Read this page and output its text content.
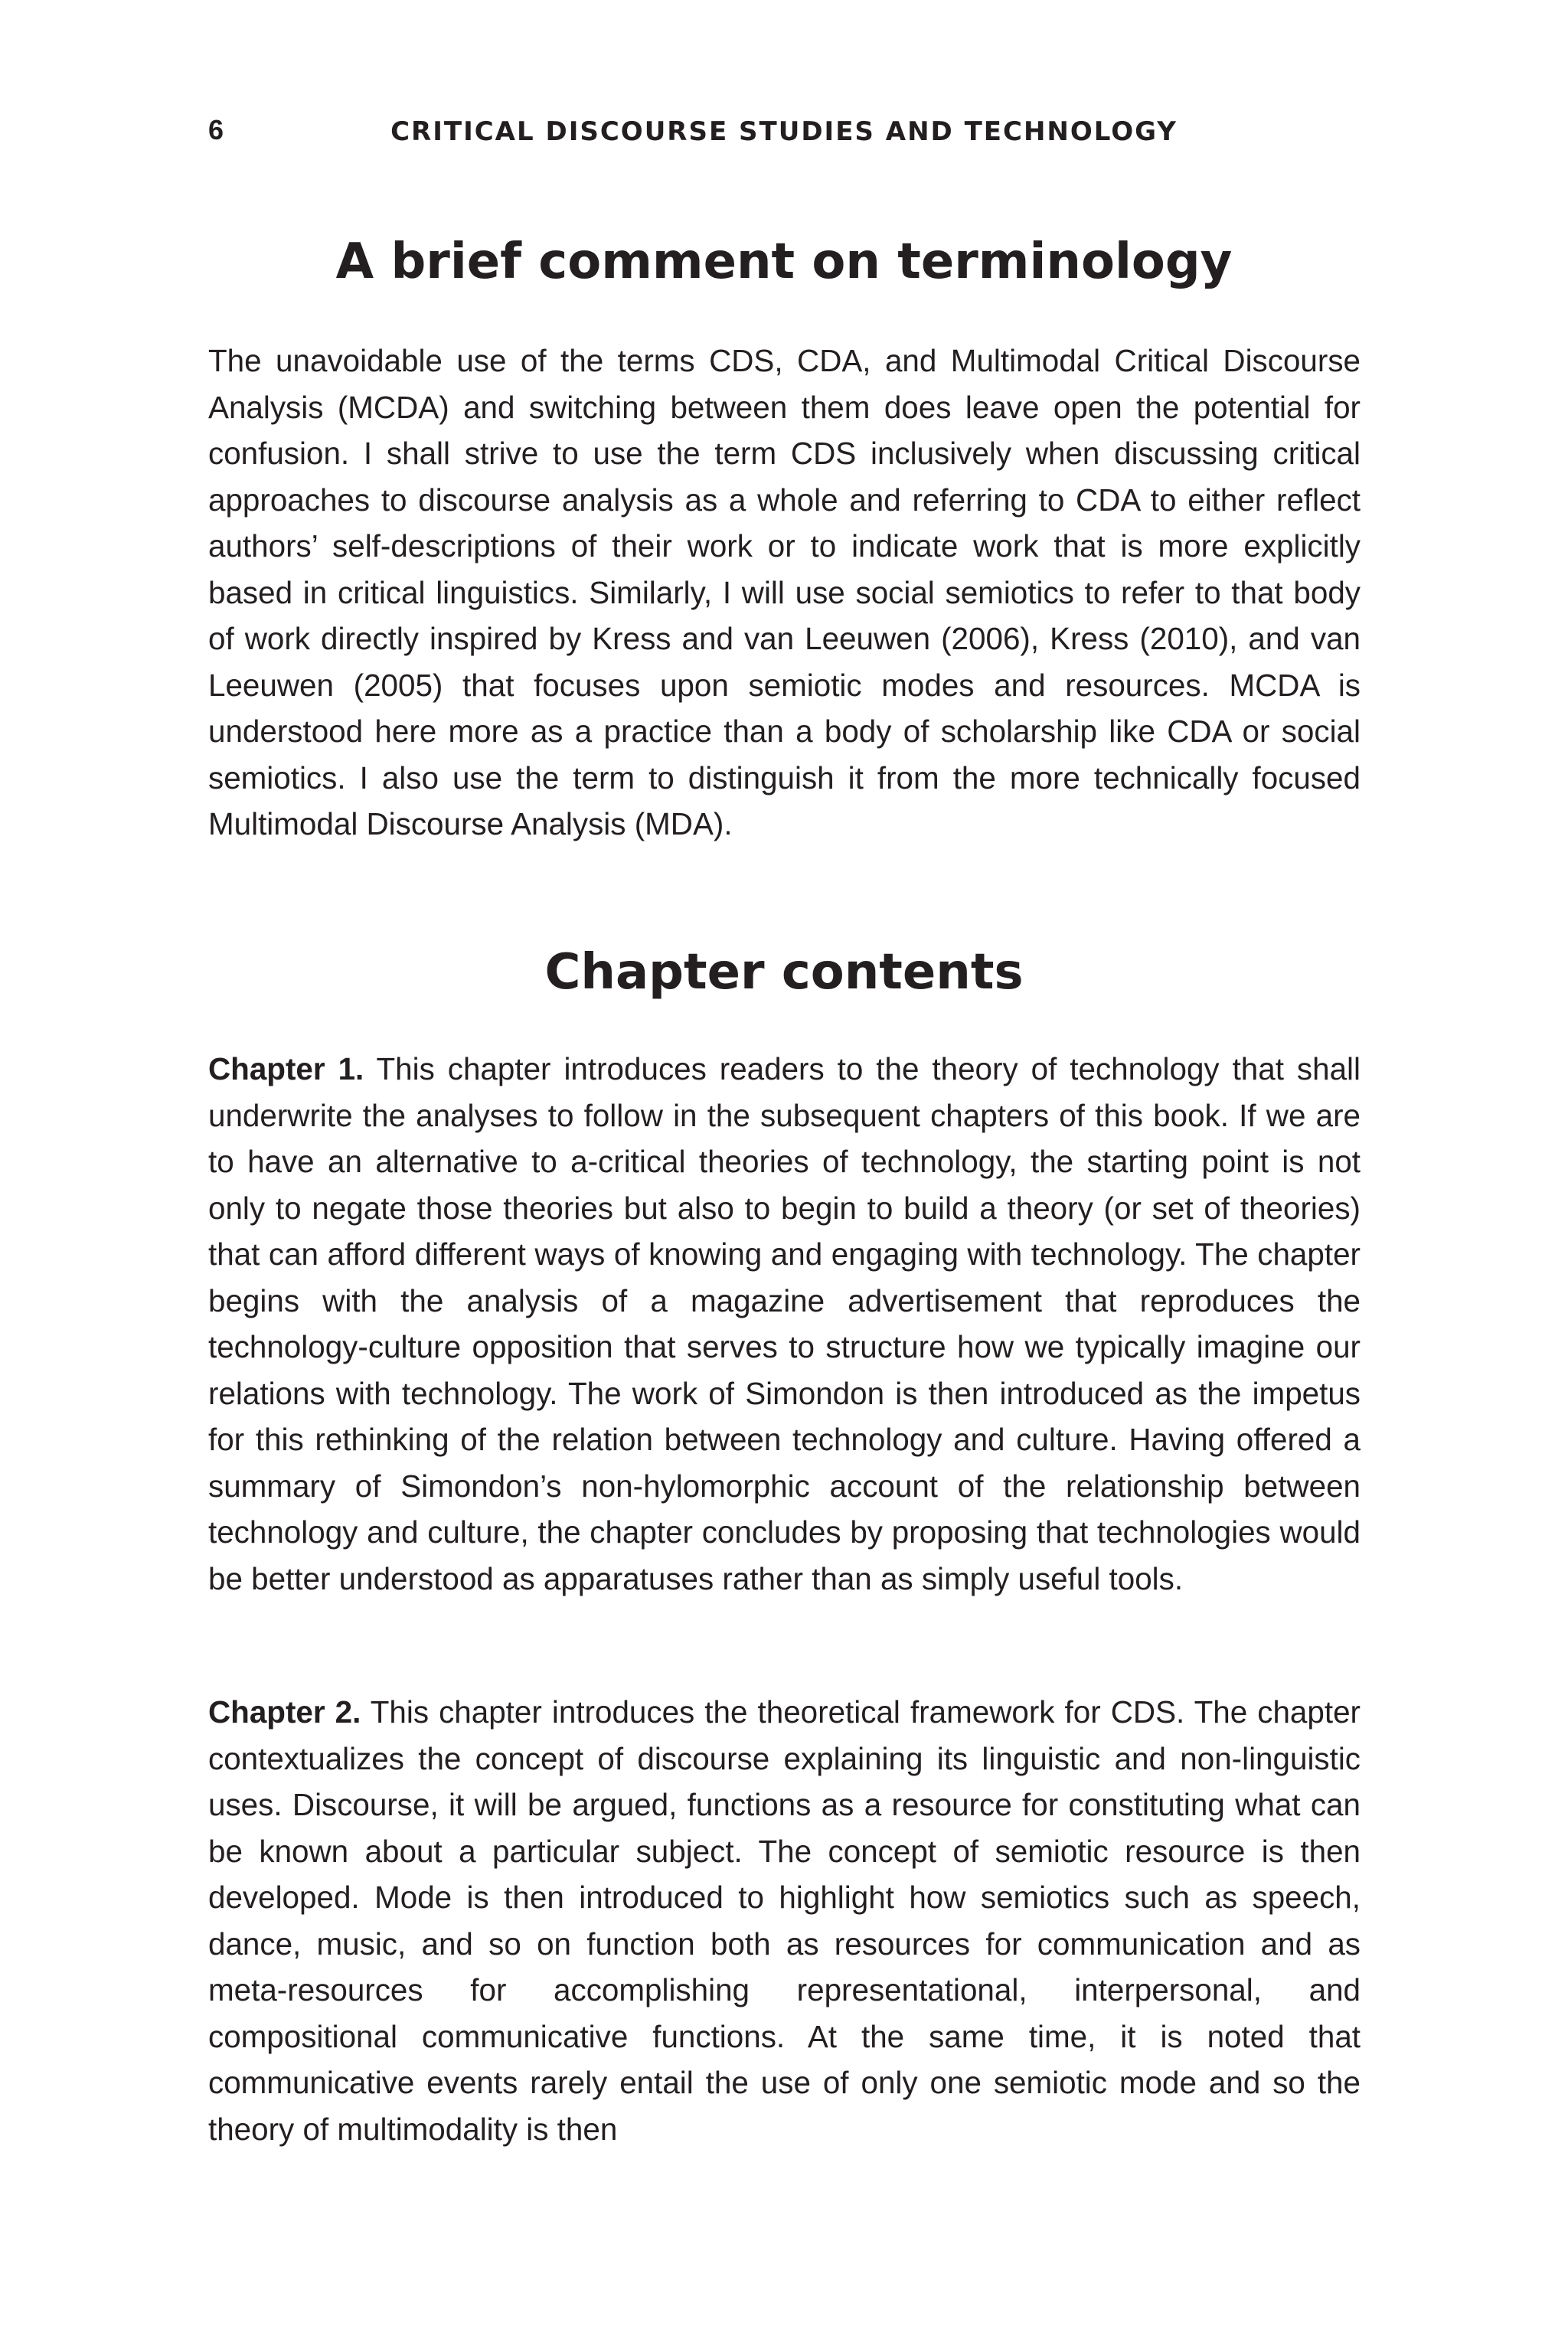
6	CRITICAL DISCOURSE STUDIES AND TECHNOLOGY
A brief comment on terminology

The unavoidable use of the terms CDS, CDA, and Multimodal Critical Discourse Analysis (MCDA) and switching between them does leave open the potential for confusion. I shall strive to use the term CDS inclusively when discussing critical approaches to discourse analysis as a whole and referring to CDA to either reflect authors’ self-descriptions of their work or to indicate work that is more explicitly based in critical linguistics. Similarly, I will use social semiotics to refer to that body of work directly inspired by Kress and van Leeuwen (2006), Kress (2010), and van Leeuwen (2005) that focuses upon semiotic modes and resources. MCDA is understood here more as a practice than a body of scholarship like CDA or social semiotics. I also use the term to distinguish it from the more technically focused Multimodal Discourse Analysis (MDA).

Chapter contents

Chapter 1. This chapter introduces readers to the theory of technology that shall underwrite the analyses to follow in the subsequent chapters of this book. If we are to have an alternative to a-critical theories of technology, the starting point is not only to negate those theories but also to begin to build a theory (or set of theories) that can afford different ways of knowing and engaging with technology. The chapter begins with the analysis of a magazine advertisement that reproduces the technology-culture opposition that serves to structure how we typically imagine our relations with technology. The work of Simondon is then introduced as the impetus for this rethinking of the relation between technology and culture. Having offered a summary of Simondon’s non-hylomorphic account of the relationship between technology and culture, the chapter concludes by proposing that technologies would be better understood as apparatuses rather than as simply useful tools.

Chapter 2. This chapter introduces the theoretical framework for CDS. The chapter contextualizes the concept of discourse explaining its linguistic and non-linguistic uses. Discourse, it will be argued, functions as a resource for constituting what can be known about a particular subject. The concept of semiotic resource is then developed. Mode is then introduced to highlight how semiotics such as speech, dance, music, and so on function both as resources for communication and as meta-resources for accomplishing representational, interpersonal, and compositional communicative functions. At the same time, it is noted that communicative events rarely entail the use of only one semiotic mode and so the theory of multimodality is then
